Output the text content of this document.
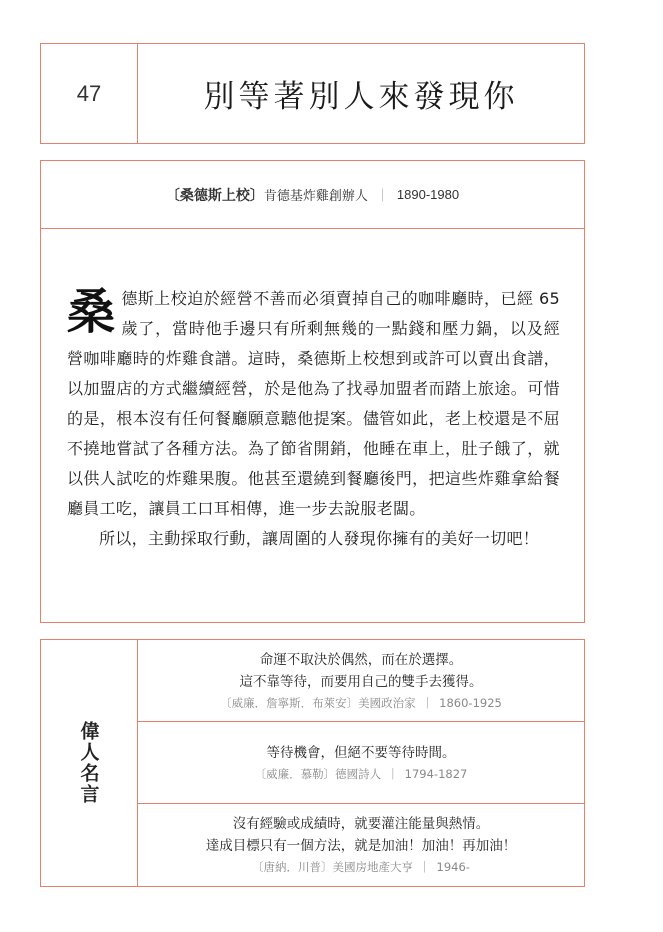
47	別等著別人來發現你
〔桑德斯上校〕 肯德基炸雞創辦人 ｜ 1890-1980

桑 德斯上校迫於經營不善而必須賣掉自己的咖啡廳時，已經 65 歲了，當時他手邊只有所剩無幾的一點錢和壓力鍋，以及經營咖啡廳時的炸雞食譜。這時，桑德斯上校想到或許可以賣出食譜，以加盟店的方式繼續經營，於是他為了找尋加盟者而踏上旅途。可惜的是，根本沒有任何餐廳願意聽他提案。儘管如此，老上校還是不屈不撓地嘗試了各種方法。為了節省開銷，他睡在車上，肚子餓了，就以供人試吃的炸雞果腹。他甚至還繞到餐廳後門，把這些炸雞拿給餐廳員工吃，讓員工口耳相傳，進一步去說服老闆。

所以，主動採取行動，讓周圍的人發現你擁有的美好一切吧！

偉人名言
命運不取決於偶然，而在於選擇。
這不靠等待，而要用自己的雙手去獲得。
〔威廉．詹寧斯．布萊安〕美國政治家 ｜ 1860-1925
等待機會，但絕不要等待時間。
〔威廉．慕勒〕德國詩人 ｜ 1794-1827
沒有經驗或成績時，就要灌注能量與熱情。
達成目標只有一個方法，就是加油！加油！再加油！
〔唐納．川普〕美國房地產大亨 ｜ 1946-
